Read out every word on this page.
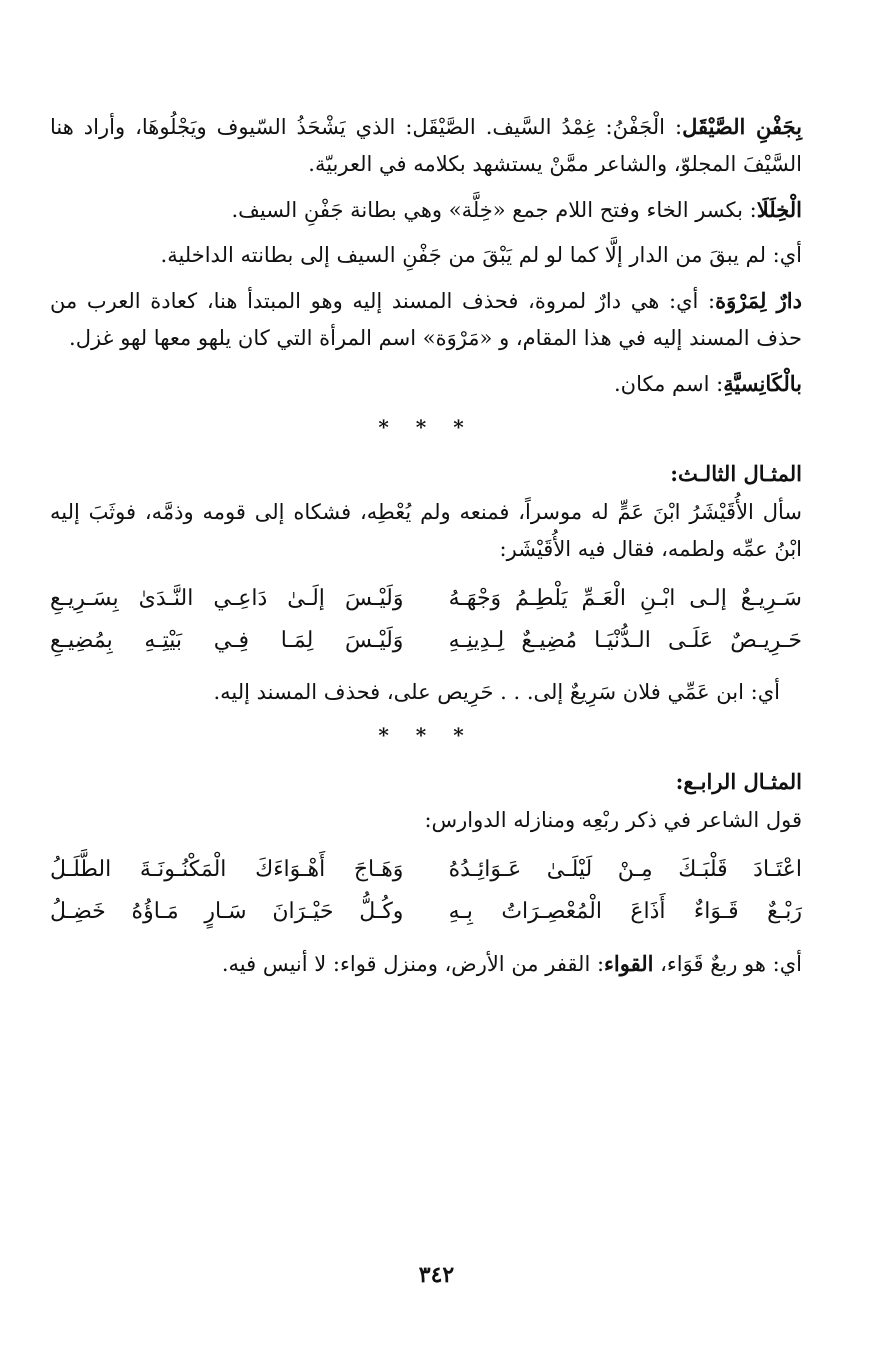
بِجَفْنِ الصَّيْقَل: الْجَفْنُ: غِمْدُ السَّيف. الصَّيْقَل: الذي يَشْحَذُ السّيوف ويَجْلُوهَا، وأراد هنا السَّيْفَ المجلوّ، والشاعر ممَّنْ يستشهد بكلامه في العربيّة.

الْخِلَلَا: بكسر الخاء وفتح اللام جمع «خِلَّة» وهي بطانة جَفْنِ السيف.

أي: لم يبقَ من الدار إلَّا كما لو لم يَبْقَ من جَفْنِ السيف إلى بطانته الداخلية.

دارٌ لِمَرْوَة: أي: هي دارٌ لمروة، فحذف المسند إليه وهو المبتدأ هنا، كعادة العرب من حذف المسند إليه في هذا المقام، و «مَرْوَة» اسم المرأة التي كان يلهو معها لهو غزل.

بالْكَانِسيَّةِ: اسم مكان.

* * *
المثـال الثالـث:

سأل الأُقَيْشَرُ ابْنَ عَمٍّ له موسراً، فمنعه ولم يُعْطِه، فشكاه إلى قومه وذمَّه، فوثَبَ إليه ابْنُ عمِّه ولطمه، فقال فيه الأُقَيْشَر:

سَـرِيـعٌ إلـى ابْـنِ الْعَـمِّ يَلْطِـمُ وَجْهَـهُ
وَلَيْـسَ إلَـىٰ دَاعِـي النَّـدَىٰ بِسَـرِيـعِ
حَـرِيـصٌ عَلَـى الـدُّنْيَـا مُضِيـعٌ لِـدِينِـهِ
وَلَيْـسَ لِمَـا فِـي بَيْتِـهِ بِمُضِيـعِ

أي: ابن عَمِّي فلان سَرِيعٌ إلى. . . حَرِيص على، فحذف المسند إليه.

* * *
المثـال الرابـع:

قول الشاعر في ذكر ربْعِه ومنازله الدوارس:

اعْتَـادَ قَلْبَـكَ مِـنْ لَيْلَـىٰ عَـوَائِـدُهُ
وَهَـاجَ أَهْـوَاءَكَ الْمَكْنُـونَـةَ الطَّلَـلُ
رَبْـعٌ قَـوَاءٌ أَذَاعَ الْمُعْصِـرَاتُ بِـهِ
وكُـلُّ حَيْـرَانَ سَـارٍ مَـاؤُهُ خَضِـلُ

أي: هو ربعٌ قَوَاء، القواء: القفر من الأرض، ومنزل قواء: لا أنيس فيه.

٣٤٢
